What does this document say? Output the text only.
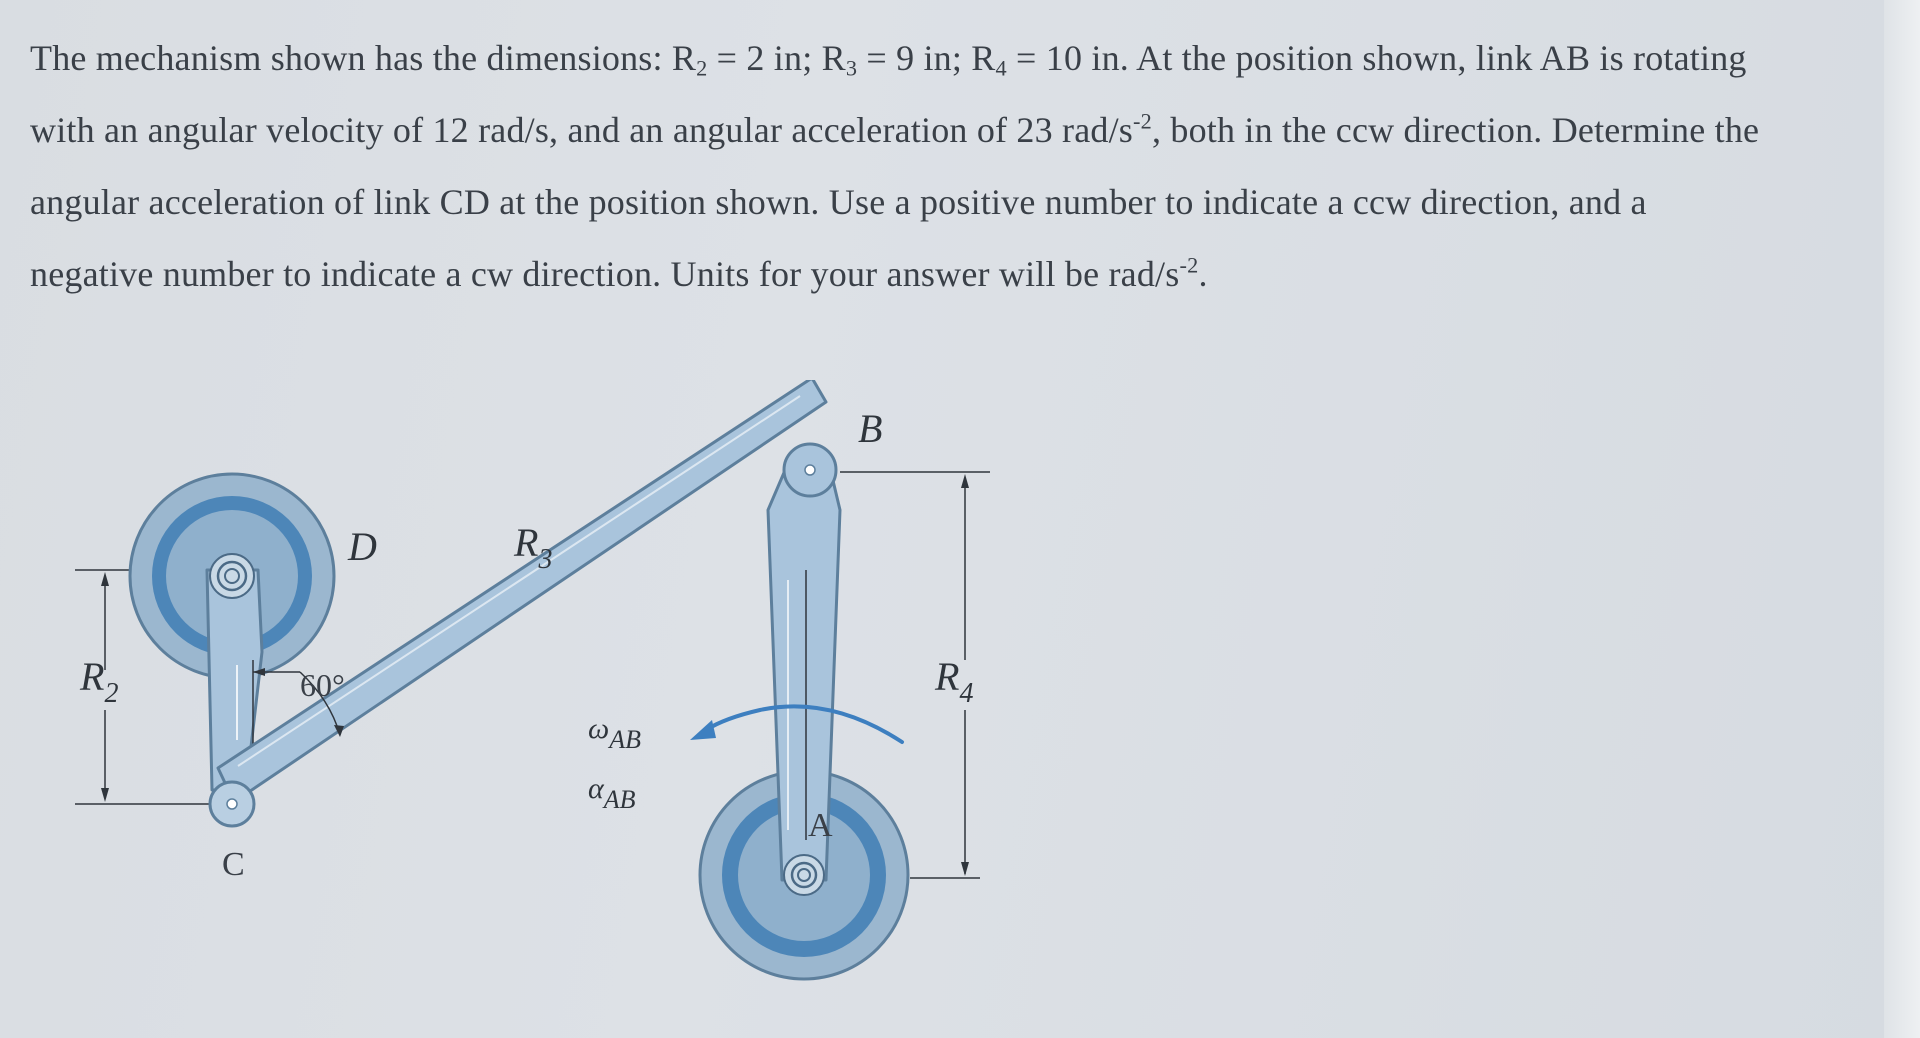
The mechanism shown has the dimensions: $R_2 = 2$ in; $R_3 = 9$ in; $R_4 = 10$ in. At the position shown, link AB is rotating
with an angular velocity of 12 rad/s, and an angular acceleration of 23 rad/$s^{-2}$, both in the ccw direction. Determine the
angular acceleration of link CD at the position shown. Use a positive number to indicate a ccw direction, and a
negative number to indicate a cw direction. Units for your answer will be rad/$s^{-2}$.
B
D	$R_3$
$R_2$	$R_4$
60°
ωAB
αAB
A
C
